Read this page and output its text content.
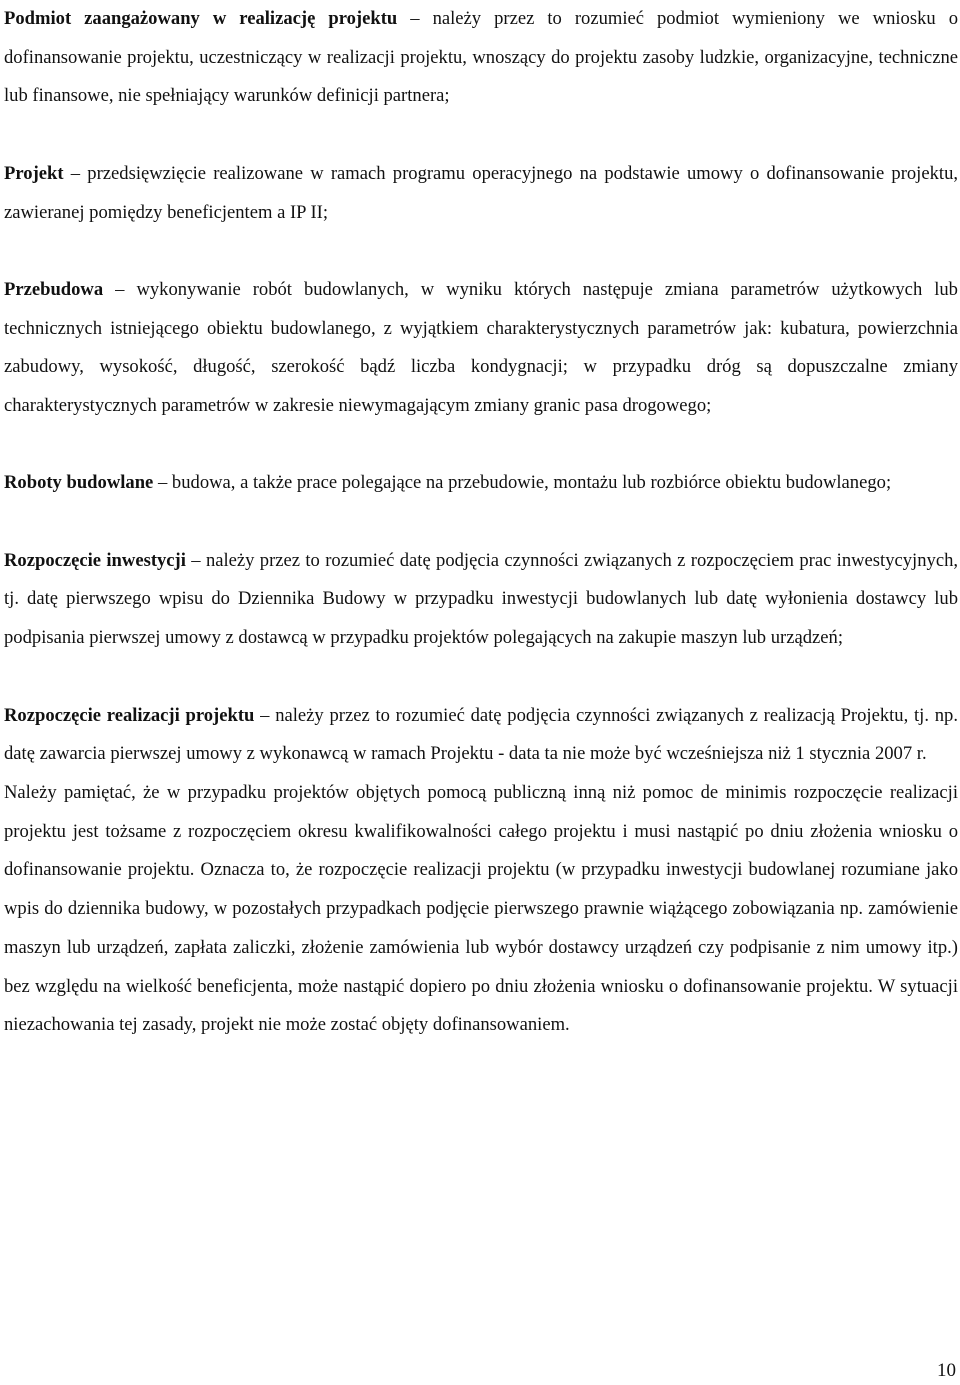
Podmiot zaangażowany w realizację projektu – należy przez to rozumieć podmiot wymieniony we wniosku o dofinansowanie projektu, uczestniczący w realizacji projektu, wnoszący do projektu zasoby ludzkie, organizacyjne, techniczne lub finansowe, nie spełniający warunków definicji partnera;

Projekt – przedsięwzięcie realizowane w ramach programu operacyjnego na podstawie umowy o dofinansowanie projektu, zawieranej pomiędzy beneficjentem a IP II;

Przebudowa – wykonywanie robót budowlanych, w wyniku których następuje zmiana parametrów użytkowych lub technicznych istniejącego obiektu budowlanego, z wyjątkiem charakterystycznych parametrów jak: kubatura, powierzchnia zabudowy, wysokość, długość, szerokość bądź liczba kondygnacji; w przypadku dróg są dopuszczalne zmiany charakterystycznych parametrów w zakresie niewymagającym zmiany granic pasa drogowego;

Roboty budowlane – budowa, a także prace polegające na przebudowie, montażu lub rozbiórce obiektu budowlanego;

Rozpoczęcie inwestycji – należy przez to rozumieć datę podjęcia czynności związanych z rozpoczęciem prac inwestycyjnych, tj. datę pierwszego wpisu do Dziennika Budowy w przypadku inwestycji budowlanych lub datę wyłonienia dostawcy lub podpisania pierwszej umowy z dostawcą w przypadku projektów polegających na zakupie maszyn lub urządzeń;

Rozpoczęcie realizacji projektu – należy przez to rozumieć datę podjęcia czynności związanych z realizacją Projektu, tj. np. datę zawarcia pierwszej umowy z wykonawcą w ramach Projektu - data ta nie może być wcześniejsza niż 1 stycznia 2007 r.

Należy pamiętać, że w przypadku projektów objętych pomocą publiczną inną niż pomoc de minimis rozpoczęcie realizacji projektu jest tożsame z rozpoczęciem okresu kwalifikowalności całego projektu i musi nastąpić po dniu złożenia wniosku o dofinansowanie projektu. Oznacza to, że rozpoczęcie realizacji projektu (w przypadku inwestycji budowlanej rozumiane jako wpis do dziennika budowy, w pozostałych przypadkach podjęcie pierwszego prawnie wiążącego zobowiązania np. zamówienie maszyn lub urządzeń, zapłata zaliczki, złożenie zamówienia lub wybór dostawcy urządzeń czy podpisanie z nim umowy itp.) bez względu na wielkość beneficjenta, może nastąpić dopiero po dniu złożenia wniosku o dofinansowanie projektu. W sytuacji niezachowania tej zasady, projekt nie może zostać objęty dofinansowaniem.

10
